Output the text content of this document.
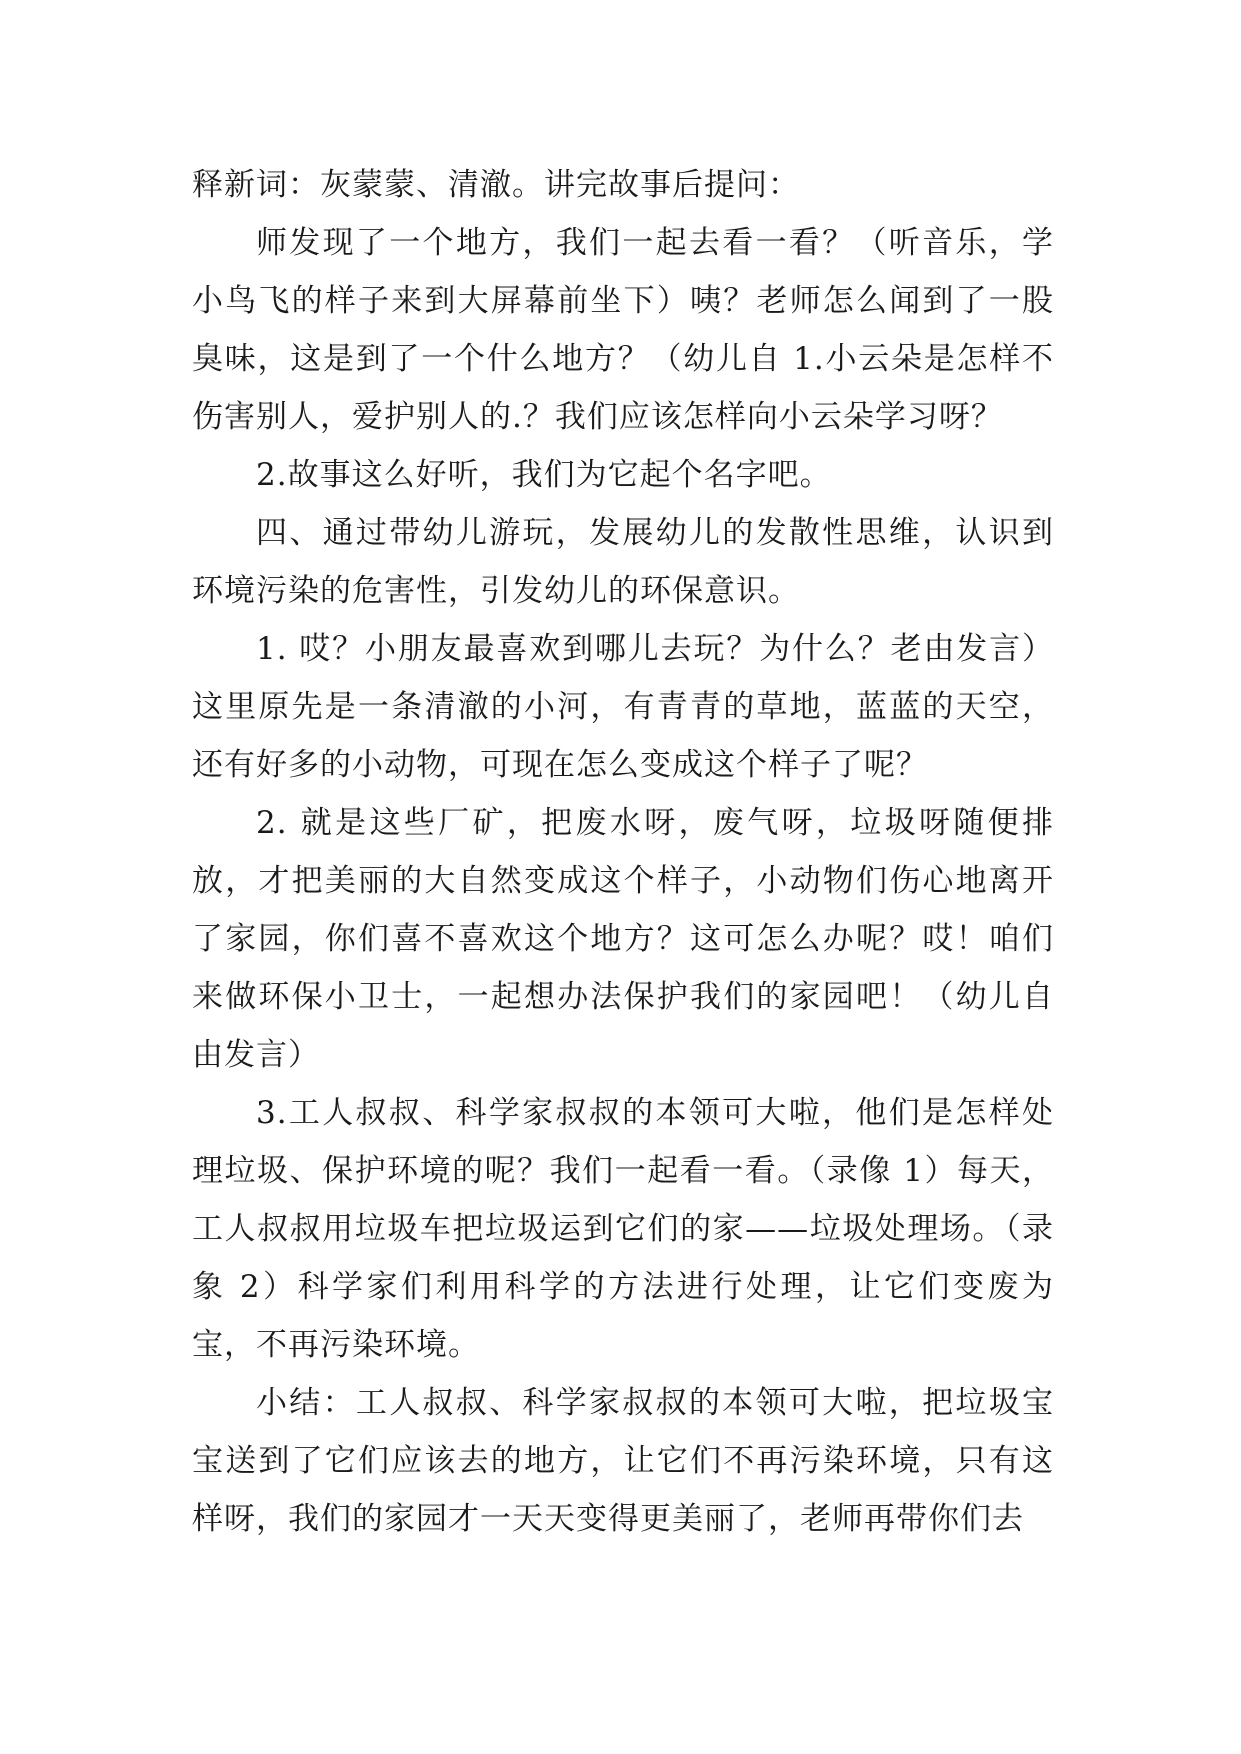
释新词：灰蒙蒙、清澈。讲完故事后提问：

师发现了一个地方，我们一起去看一看？（听音乐，学小鸟飞的样子来到大屏幕前坐下）咦？老师怎么闻到了一股臭味，这是到了一个什么地方？（幼儿自 1.小云朵是怎样不伤害别人，爱护别人的.？我们应该怎样向小云朵学习呀？

2.故事这么好听，我们为它起个名字吧。

四、通过带幼儿游玩，发展幼儿的发散性思维，认识到环境污染的危害性，引发幼儿的环保意识。

1. 哎？小朋友最喜欢到哪儿去玩？为什么？老由发言）这里原先是一条清澈的小河，有青青的草地，蓝蓝的天空，还有好多的小动物，可现在怎么变成这个样子了呢？

2. 就是这些厂矿，把废水呀，废气呀，垃圾呀随便排放，才把美丽的大自然变成这个样子，小动物们伤心地离开了家园，你们喜不喜欢这个地方？这可怎么办呢？哎！咱们来做环保小卫士，一起想办法保护我们的家园吧！（幼儿自由发言）

3.工人叔叔、科学家叔叔的本领可大啦，他们是怎样处理垃圾、保护环境的呢？我们一起看一看。（录像 1）每天，工人叔叔用垃圾车把垃圾运到它们的家——垃圾处理场。（录象 2）科学家们利用科学的方法进行处理，让它们变废为宝，不再污染环境。

小结：工人叔叔、科学家叔叔的本领可大啦，把垃圾宝宝送到了它们应该去的地方，让它们不再污染环境，只有这样呀，我们的家园才一天天变得更美丽了，老师再带你们去
